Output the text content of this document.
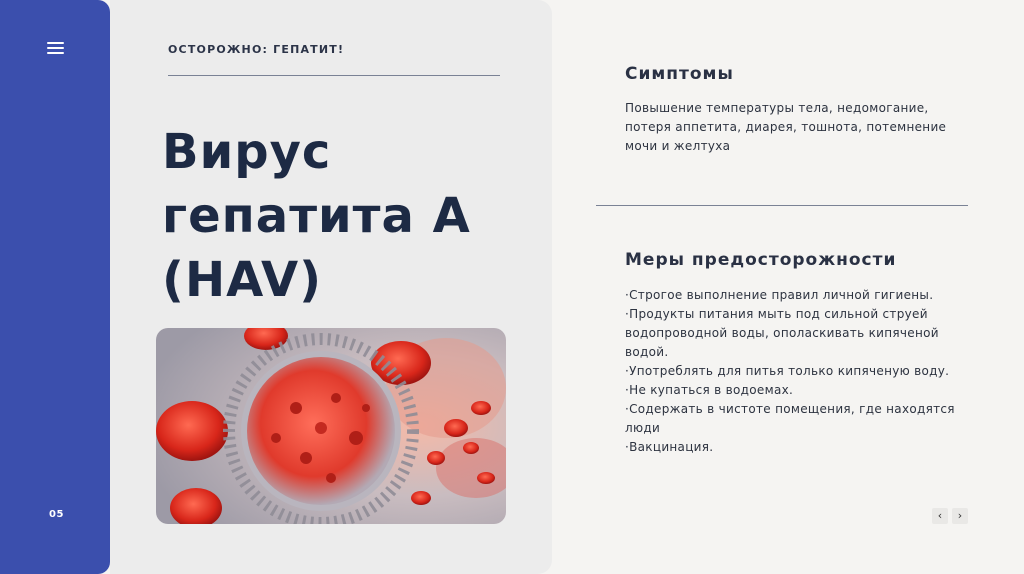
05
ОСТОРОЖНО: ГЕПАТИТ!
Вирус
гепатита А
(HAV)
Симптомы
Повышение температуры тела, недомогание, потеря аппетита, диарея, тошнота, потемнение мочи и желтуха
Меры предосторожности
·Строгое выполнение правил личной гигиены.
·Продукты питания мыть под сильной струей водопроводной воды, ополаскивать кипяченой водой.
·Употреблять для питья только кипяченую воду.
·Не купаться в водоемах.
·Содержать в чистоте помещения, где находятся люди
·Вакцинация.
‹	›
